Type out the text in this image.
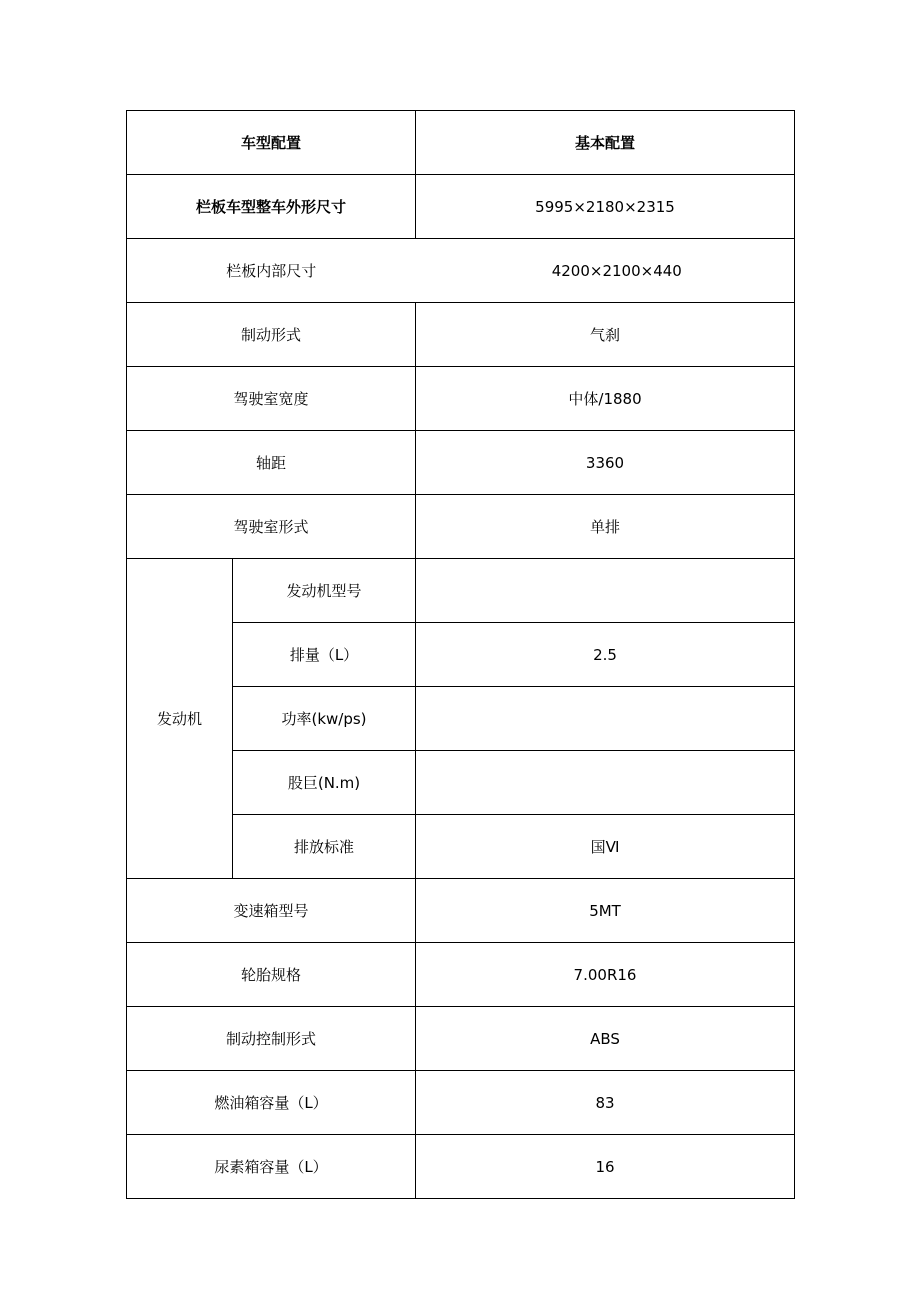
车型配置		基本配置
栏板车型整车外形尺寸		5995×2180×2315
栏板内部尺寸		4200×2100×440
制动形式		气刹
驾驶室宽度		中体/1880
轴距		3360
驾驶室形式		单排
发动机	发动机型号	
	排量（L）	2.5
	功率(kw/ps)	
	股巨(N.m)	
	排放标准	国Ⅵ
变速箱型号		5MT
轮胎规格		7.00R16
制动控制形式		ABS
燃油箱容量（L）		83
尿素箱容量（L）		16
